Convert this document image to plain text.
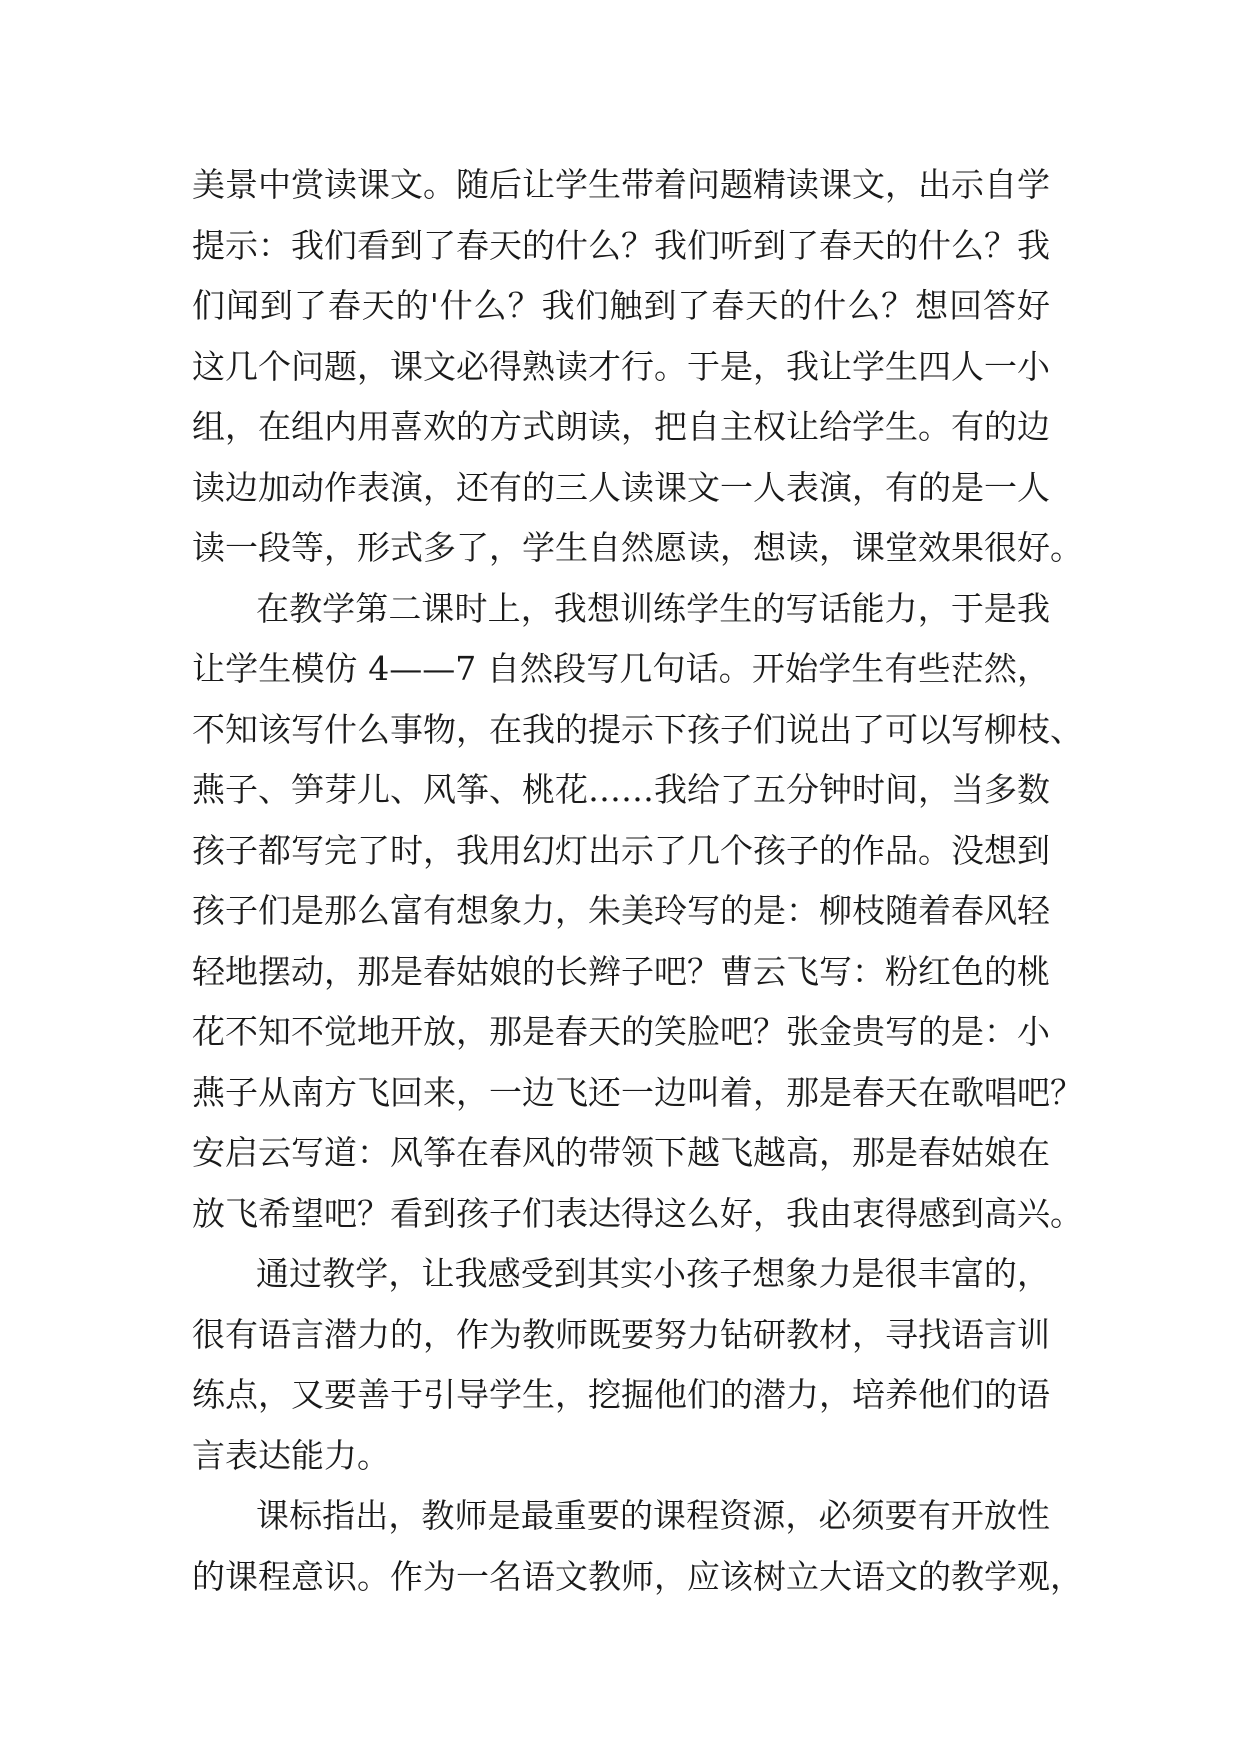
美景中赏读课文。随后让学生带着问题精读课文，出示自学
提示：我们看到了春天的什么？我们听到了春天的什么？我
们闻到了春天的'什么？我们触到了春天的什么？想回答好
这几个问题，课文必得熟读才行。于是，我让学生四人一小
组，在组内用喜欢的方式朗读，把自主权让给学生。有的边
读边加动作表演，还有的三人读课文一人表演，有的是一人
读一段等，形式多了，学生自然愿读，想读，课堂效果很好。
在教学第二课时上，我想训练学生的写话能力，于是我
让学生模仿 4——7 自然段写几句话。开始学生有些茫然，
不知该写什么事物，在我的提示下孩子们说出了可以写柳枝、
燕子、笋芽儿、风筝、桃花……我给了五分钟时间，当多数
孩子都写完了时，我用幻灯出示了几个孩子的作品。没想到
孩子们是那么富有想象力，朱美玲写的是：柳枝随着春风轻
轻地摆动，那是春姑娘的长辫子吧？曹云飞写：粉红色的桃
花不知不觉地开放，那是春天的笑脸吧？张金贵写的是：小
燕子从南方飞回来，一边飞还一边叫着，那是春天在歌唱吧？
安启云写道：风筝在春风的带领下越飞越高，那是春姑娘在
放飞希望吧？看到孩子们表达得这么好，我由衷得感到高兴。
通过教学，让我感受到其实小孩子想象力是很丰富的，
很有语言潜力的，作为教师既要努力钻研教材，寻找语言训
练点，又要善于引导学生，挖掘他们的潜力，培养他们的语
言表达能力。
课标指出，教师是最重要的课程资源，必须要有开放性
的课程意识。作为一名语文教师，应该树立大语文的教学观，
